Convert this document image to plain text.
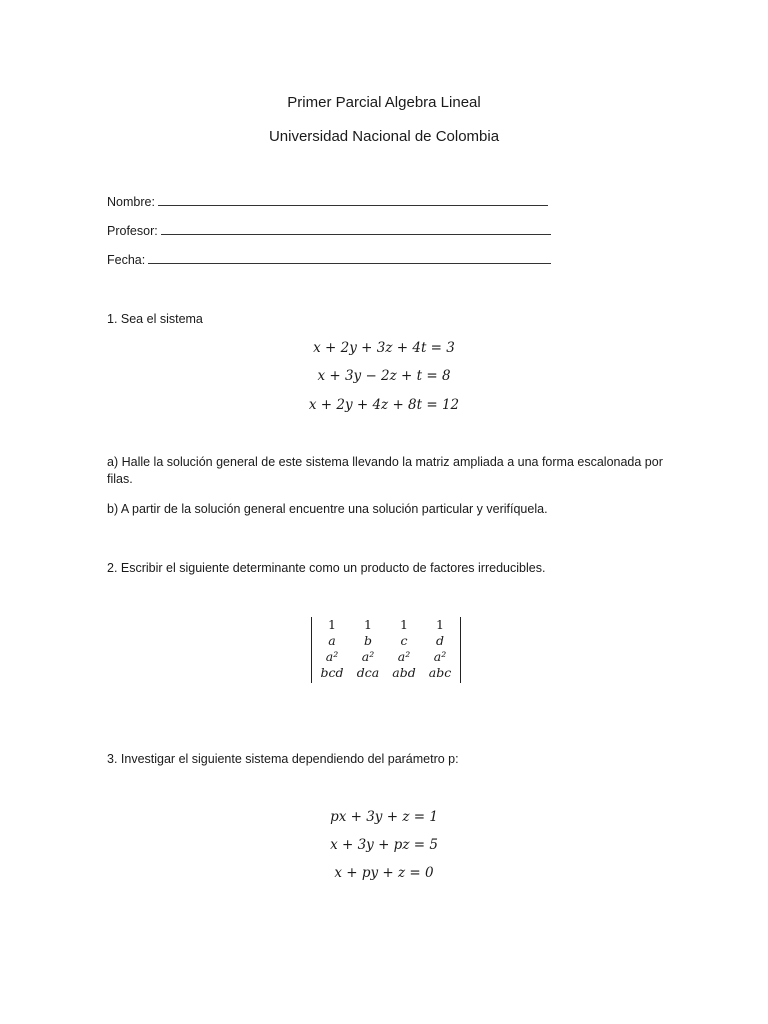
Primer Parcial Algebra Lineal
Universidad Nacional de Colombia
Nombre:
Profesor:
Fecha:

1. Sea el sistema

x + 2y + 3z + 4t = 3
x + 3y − 2z + t = 8
x + 2y + 4z + 8t = 12

a) Halle la solución general de este sistema llevando la matriz ampliada a una forma escalonada por filas.

b) A partir de la solución general encuentre una solución particular y verifíquela.

2. Escribir el siguiente determinante como un producto de factores irreducibles.

1	1	1	1
a	b	c	d
a²	a²	a²	a²
bcd	dca	abd	abc

3. Investigar el siguiente sistema dependiendo del parámetro p:

px + 3y + z = 1
x + 3y + pz = 5
x + py + z = 0
